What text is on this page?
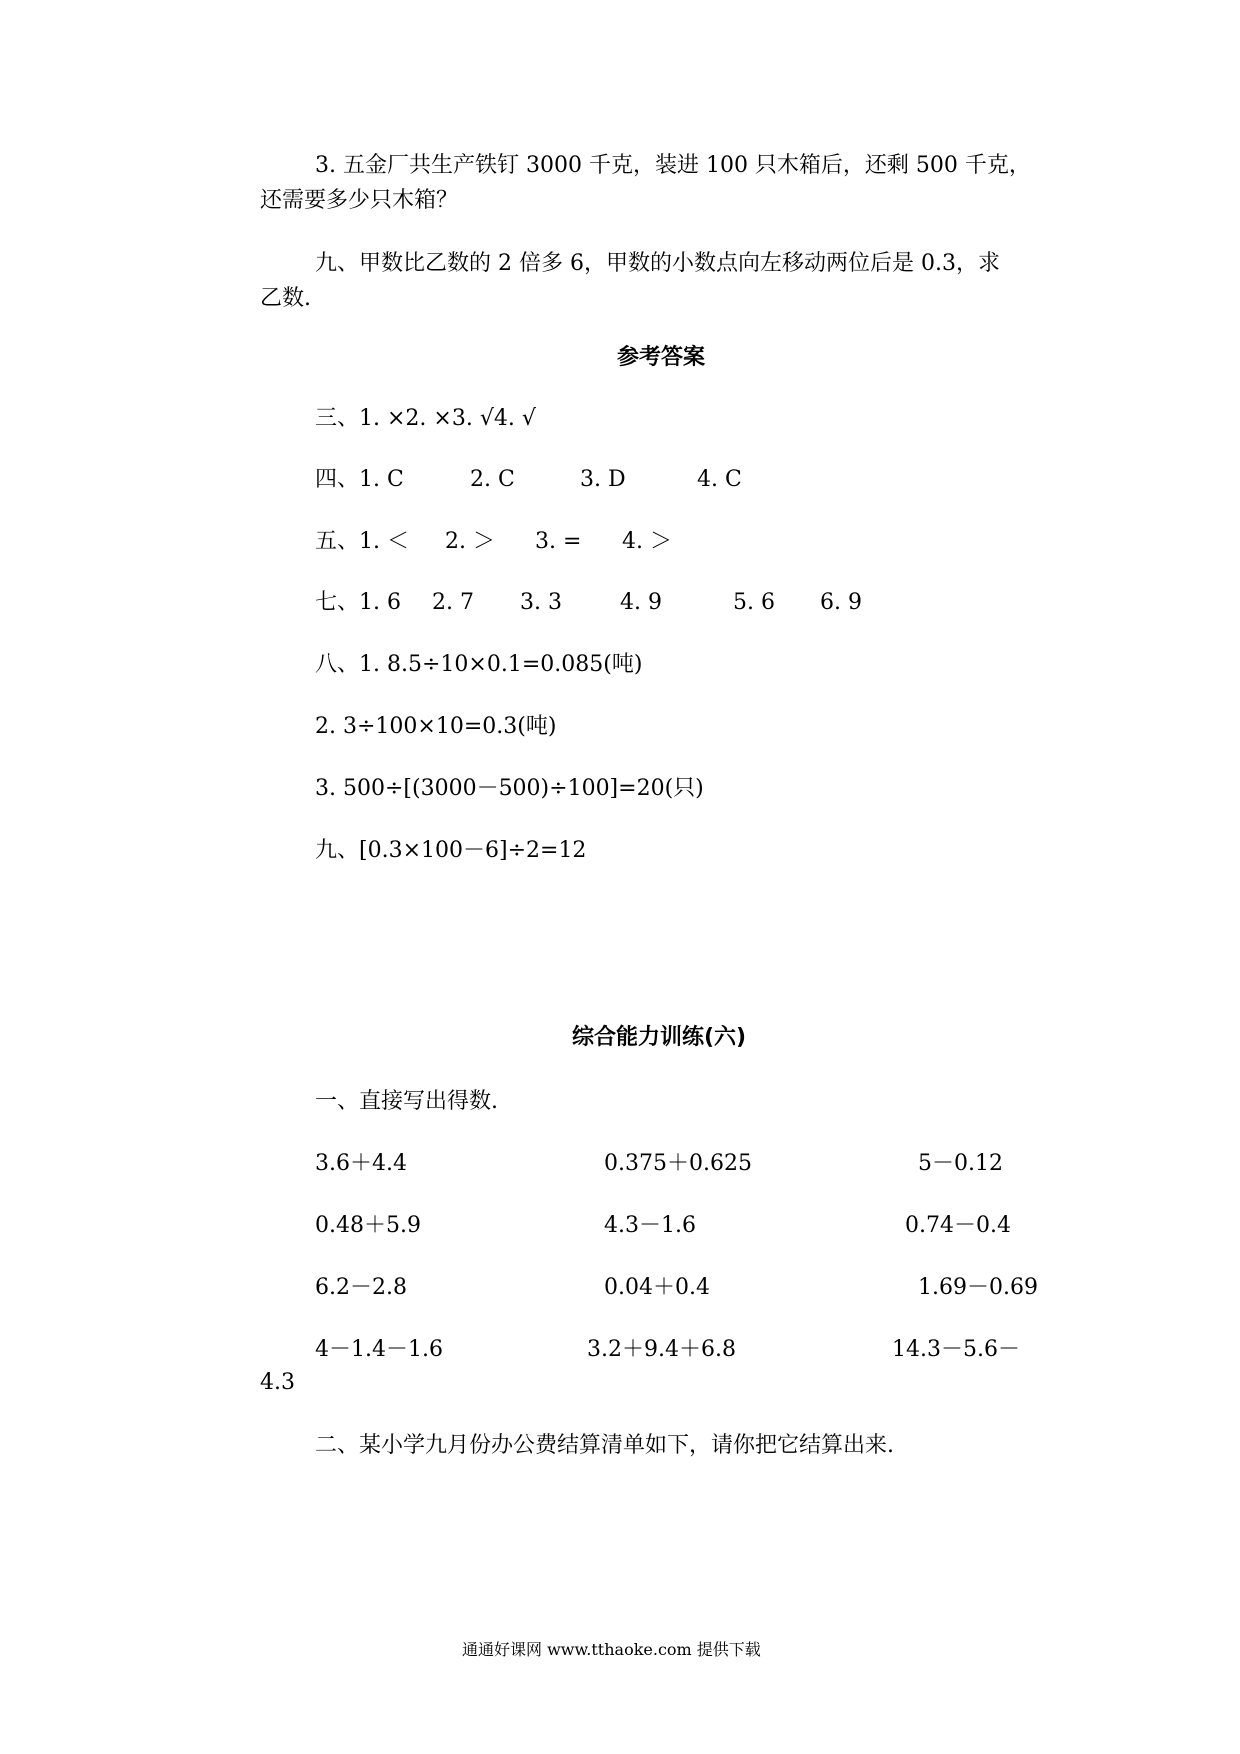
3. 五金厂共生产铁钉 3000 千克，装进 100 只木箱后，还剩 500 千克，
还需要多少只木箱？
九、甲数比乙数的 2 倍多 6，甲数的小数点向左移动两位后是 0.3，求
乙数.
参考答案
三、1. ×2. ×3. √4. √
四、1. C	2. C	3. D	4. C
五、1. ＜ 2. ＞ 3. = 4. ＞
七、1. 6 2. 7 3. 3	4. 9	5. 6 6. 9
八、1. 8.5÷10×0.1=0.085(吨)
2. 3÷100×10=0.3(吨)
3. 500÷[(3000－500)÷100]=20(只)
九、[0.3×100－6]÷2=12
综合能力训练(六)
一、直接写出得数.
3.6＋4.4	0.375＋0.625	5－0.12
0.48＋5.9	4.3－1.6	0.74－0.4
6.2－2.8	0.04＋0.4	1.69－0.69
4－1.4－1.6	3.2＋9.4＋6.8	14.3－5.6－
4.3
二、某小学九月份办公费结算清单如下，请你把它结算出来.
通通好课网 www.tthaoke.com 提供下载
